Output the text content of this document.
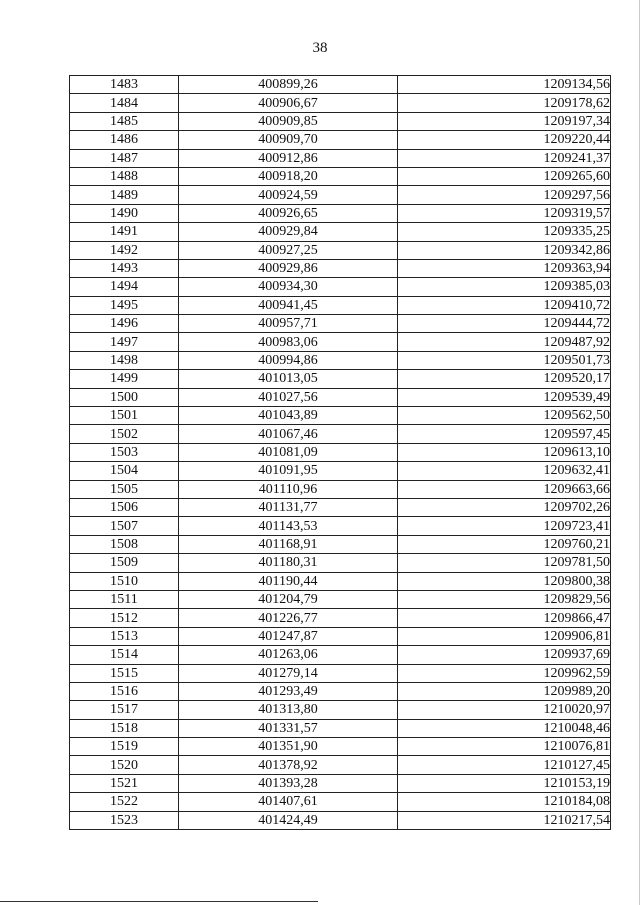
38
1483	400899,26	1209134,56
1484	400906,67	1209178,62
1485	400909,85	1209197,34
1486	400909,70	1209220,44
1487	400912,86	1209241,37
1488	400918,20	1209265,60
1489	400924,59	1209297,56
1490	400926,65	1209319,57
1491	400929,84	1209335,25
1492	400927,25	1209342,86
1493	400929,86	1209363,94
1494	400934,30	1209385,03
1495	400941,45	1209410,72
1496	400957,71	1209444,72
1497	400983,06	1209487,92
1498	400994,86	1209501,73
1499	401013,05	1209520,17
1500	401027,56	1209539,49
1501	401043,89	1209562,50
1502	401067,46	1209597,45
1503	401081,09	1209613,10
1504	401091,95	1209632,41
1505	401110,96	1209663,66
1506	401131,77	1209702,26
1507	401143,53	1209723,41
1508	401168,91	1209760,21
1509	401180,31	1209781,50
1510	401190,44	1209800,38
1511	401204,79	1209829,56
1512	401226,77	1209866,47
1513	401247,87	1209906,81
1514	401263,06	1209937,69
1515	401279,14	1209962,59
1516	401293,49	1209989,20
1517	401313,80	1210020,97
1518	401331,57	1210048,46
1519	401351,90	1210076,81
1520	401378,92	1210127,45
1521	401393,28	1210153,19
1522	401407,61	1210184,08
1523	401424,49	1210217,54
